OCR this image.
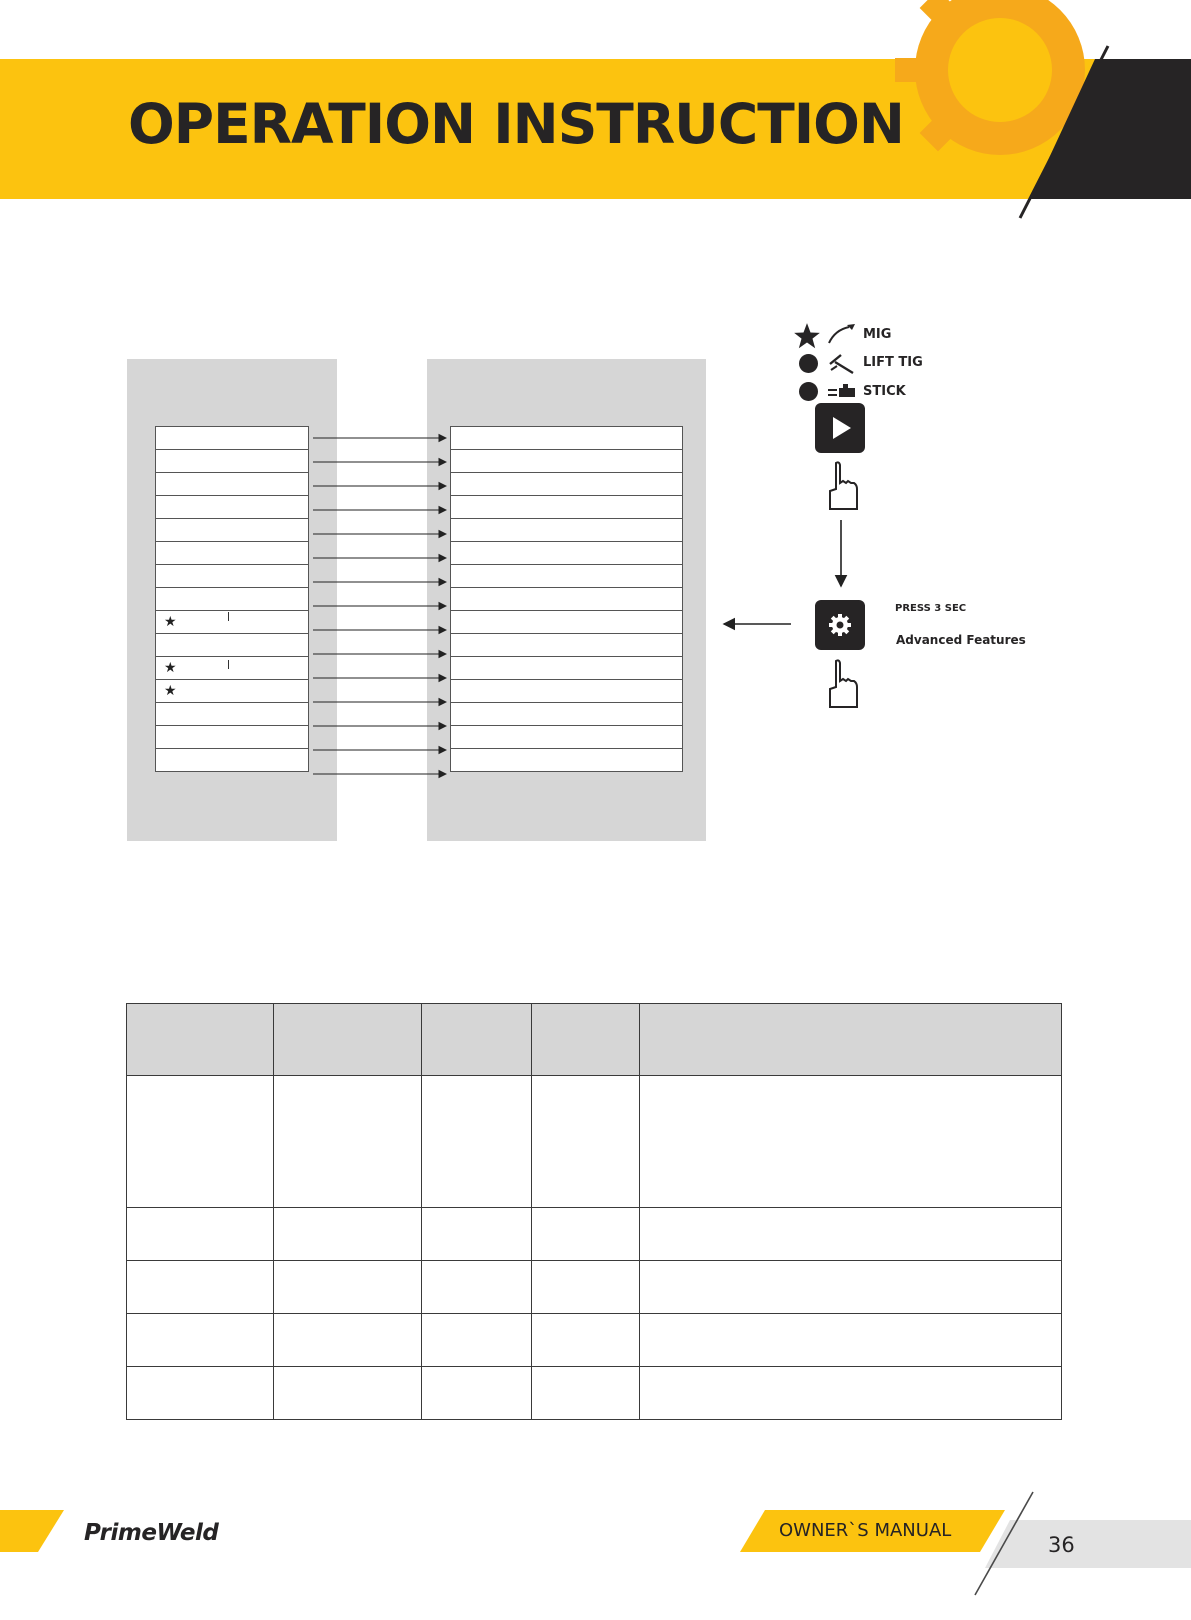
OPERATION INSTRUCTION

★

★
★

MIG
LIFT TIG
STICK
PRESS 3 SEC
Advanced Features

PrimeWeld	OWNER`S MANUAL
36
